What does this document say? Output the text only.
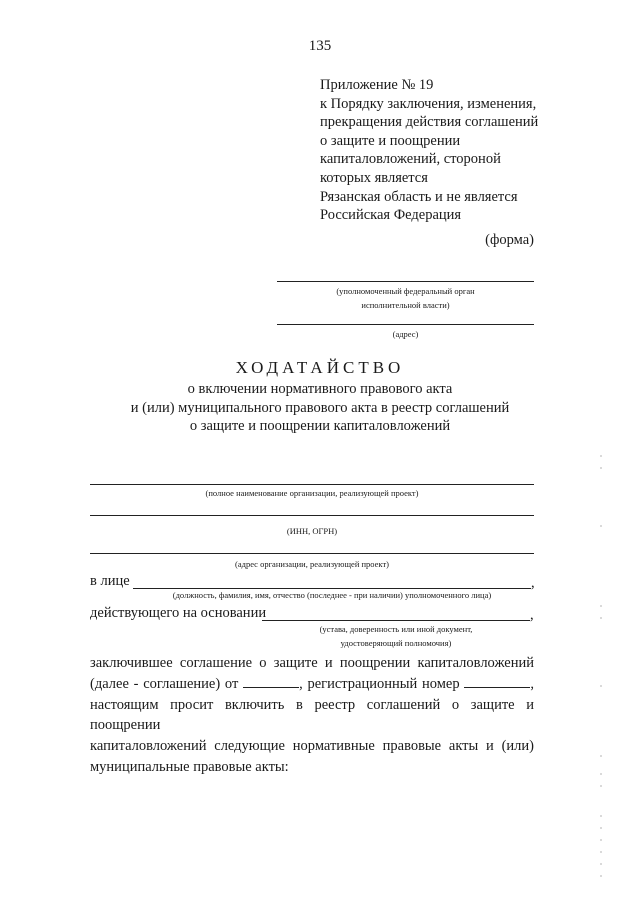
135
Приложение № 19
к Порядку заключения, изменения,
прекращения действия соглашений
о защите и поощрении
капиталовложений, стороной
которых является
Рязанская область и не является
Российская Федерация
(форма)
(уполномоченный федеральный орган
исполнительной власти)
(адрес)
ХОДАТАЙСТВО
о включении нормативного правового акта
и (или) муниципального правового акта в реестр соглашений
о защите и поощрении капиталовложений
(полное наименование организации, реализующей проект)
(ИНН, ОГРН)
(адрес организации, реализующей проект)
в лице	,
(должность, фамилия, имя, отчество (последнее - при наличии) уполномоченного лица)
действующего на основании	,
(устава, доверенность или иной документ,
удостоверяющий полномочия)
заключившее соглашение о защите и поощрении капиталовложений
(далее - соглашение) от	, регистрационный номер	,
настоящим просит включить в реестр соглашений о защите и поощрении
капиталовложений следующие нормативные правовые акты и (или)
муниципальные правовые акты:
